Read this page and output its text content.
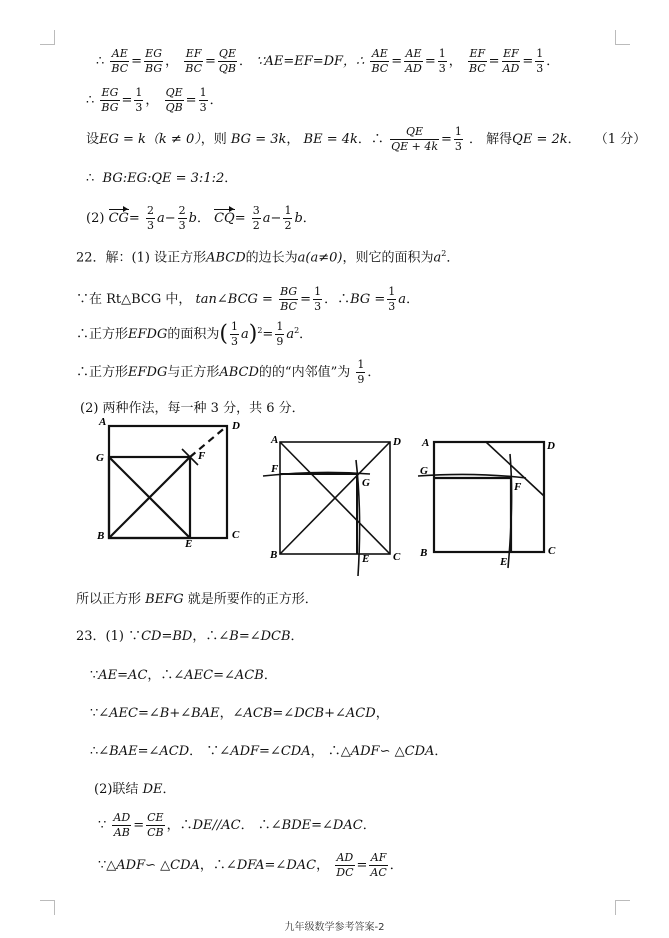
∴ $\frac{AE}{BC} = \frac{EG}{BG}$ ， $\frac{EF}{BC} = \frac{QE}{QB}$ ． ∵AE=EF=DF，∴ $\frac{AE}{BC} = \frac{AE}{AD} = \frac{1}{3}$ ， $\frac{EF}{BC} = \frac{EF}{AD} = \frac{1}{3}$ ．
∴ $\frac{EG}{BG} = \frac{1}{3}$ ， $\frac{QE}{QB} = \frac{1}{3}$ ．
设EG = k（k ≠ 0），则 BG = 3k， BE = 4k．∴ $\frac{QE}{QE + 4k} = \frac{1}{3}$ ． 解得QE = 2k． （1 分）
∴ BG:EG:QE = 3:1:2．
(2) $CG= \frac{2}{3} a- \frac{2}{3}$ b． $CQ= \frac{3}{2} a- \frac{1}{2}$ b．
22．解：(1) 设正方形ABCD的边长为a(a≠0)，则它的面积为$a^2$．
∵在 Rt△BCG 中， tan∠BCG = $\frac{BG}{BC} = \frac{1}{3}$ ．∴BG = $\frac{1}{3}$ a．
∴正方形EFDG的面积为( $\frac{1}{3} a)^2= \frac{1}{9} a^2$．
∴正方形EFDG与正方形ABCD的的“内邻值”为 $\frac{1}{9}$ ．
(2) 两种作法，每一种 3 分，共 6 分．
A	D
G	F
B
E
C
A	D
F
G
B	E C
A	D
G
F
B
E
C
所以正方形 BEFG 就是所要作的正方形．
23．(1) ∵CD=BD，∴∠B=∠DCB．
∵AE=AC，∴∠AEC=∠ACB．
∵∠AEC=∠B+∠BAE，∠ACB=∠DCB+∠ACD，
∴∠BAE=∠ACD． ∵∠ADF=∠CDA， ∴△ADF∽ △CDA．
(2)联结 DE．
∵ $\frac{AD}{AB} = \frac{CE}{CB}$ ，∴DE//AC． ∴∠BDE=∠DAC．
∵△ADF∽ △CDA，∴∠DFA=∠DAC， $\frac{AD}{DC} = \frac{AF}{AC}$ ．
九年级数学参考答案-2
